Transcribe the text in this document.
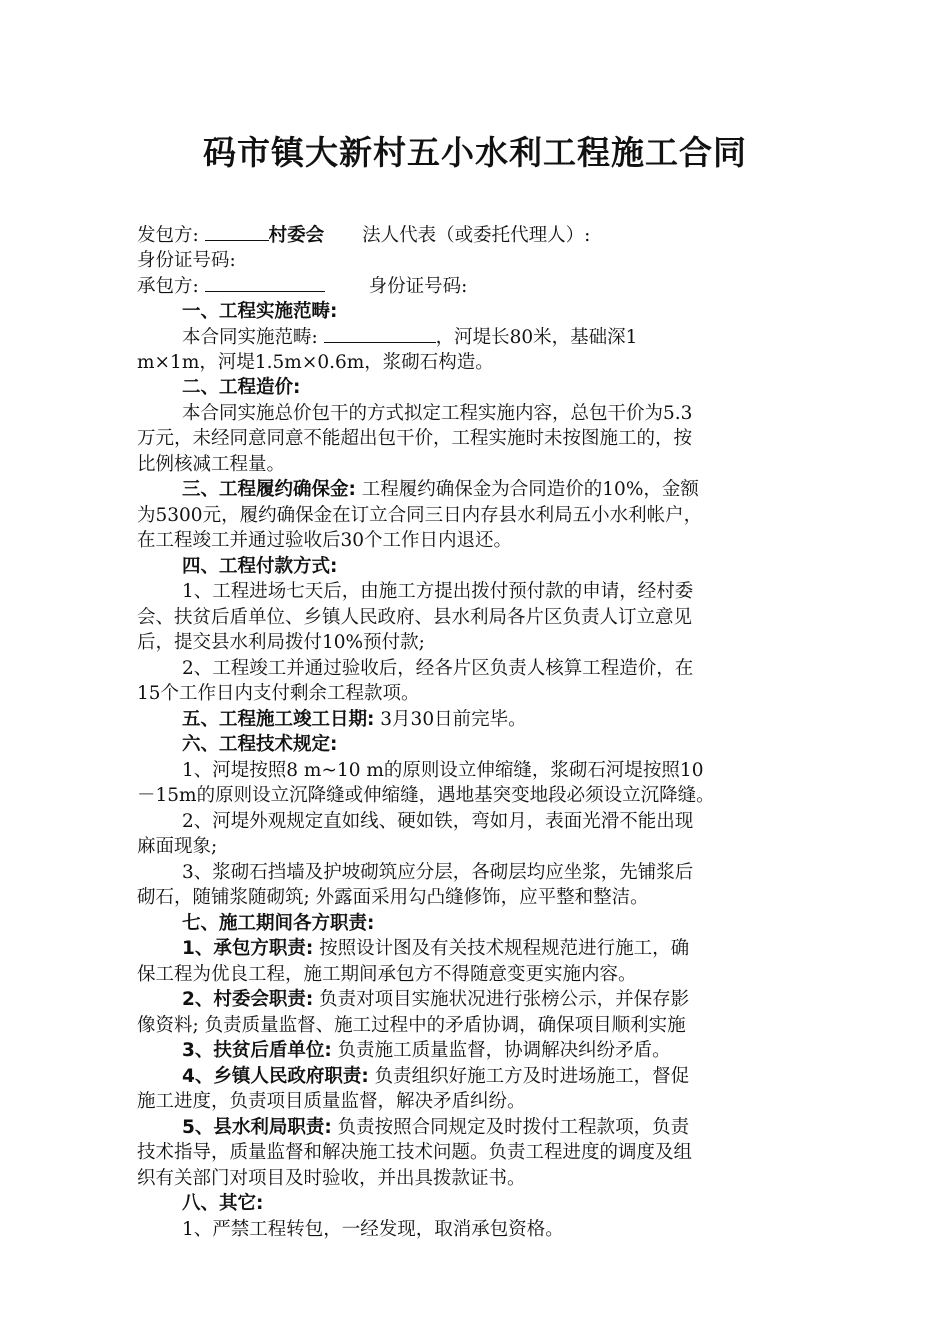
码市镇大新村五小水利工程施工合同
发包方:	村委会 法人代表（或委托代理人）:
身份证号码:
承包方:	身份证号码:
一、工程实施范畴:
本合同实施范畴:	，河堤长80米，基础深1
m×1m，河堤1.5m×0.6m，浆砌石构造。
二、工程造价:
本合同实施总价包干的方式拟定工程实施内容，总包干价为5.3
万元，未经同意同意不能超出包干价，工程实施时未按图施工的，按
比例核减工程量。
三、工程履约确保金: 工程履约确保金为合同造价的10%，金额
为5300元，履约确保金在订立合同三日内存县水利局五小水利帐户，
在工程竣工并通过验收后30个工作日内退还。
四、工程付款方式:
1、工程进场七天后，由施工方提出拨付预付款的申请，经村委
会、扶贫后盾单位、乡镇人民政府、县水利局各片区负责人订立意见
后，提交县水利局拨付10%预付款;
2、工程竣工并通过验收后，经各片区负责人核算工程造价，在
15个工作日内支付剩余工程款项。
五、工程施工竣工日期: 3月30日前完毕。
六、工程技术规定:
1、河堤按照8 m~10 m的原则设立伸缩缝，浆砌石河堤按照10
－15m的原则设立沉降缝或伸缩缝，遇地基突变地段必须设立沉降缝。
2、河堤外观规定直如线、硬如铁，弯如月，表面光滑不能出现
麻面现象;
3、浆砌石挡墙及护坡砌筑应分层，各砌层均应坐浆，先铺浆后
砌石，随铺浆随砌筑; 外露面采用勾凸缝修饰，应平整和整洁。
七、施工期间各方职责:
1、承包方职责: 按照设计图及有关技术规程规范进行施工，确
保工程为优良工程，施工期间承包方不得随意变更实施内容。
2、村委会职责: 负责对项目实施状况进行张榜公示，并保存影
像资料; 负责质量监督、施工过程中的矛盾协调，确保项目顺利实施
3、扶贫后盾单位: 负责施工质量监督，协调解决纠纷矛盾。
4、乡镇人民政府职责: 负责组织好施工方及时进场施工，督促
施工进度，负责项目质量监督，解决矛盾纠纷。
5、县水利局职责: 负责按照合同规定及时拨付工程款项，负责
技术指导，质量监督和解决施工技术问题。负责工程进度的调度及组
织有关部门对项目及时验收，并出具拨款证书。
八、其它:
1、严禁工程转包，一经发现，取消承包资格。
